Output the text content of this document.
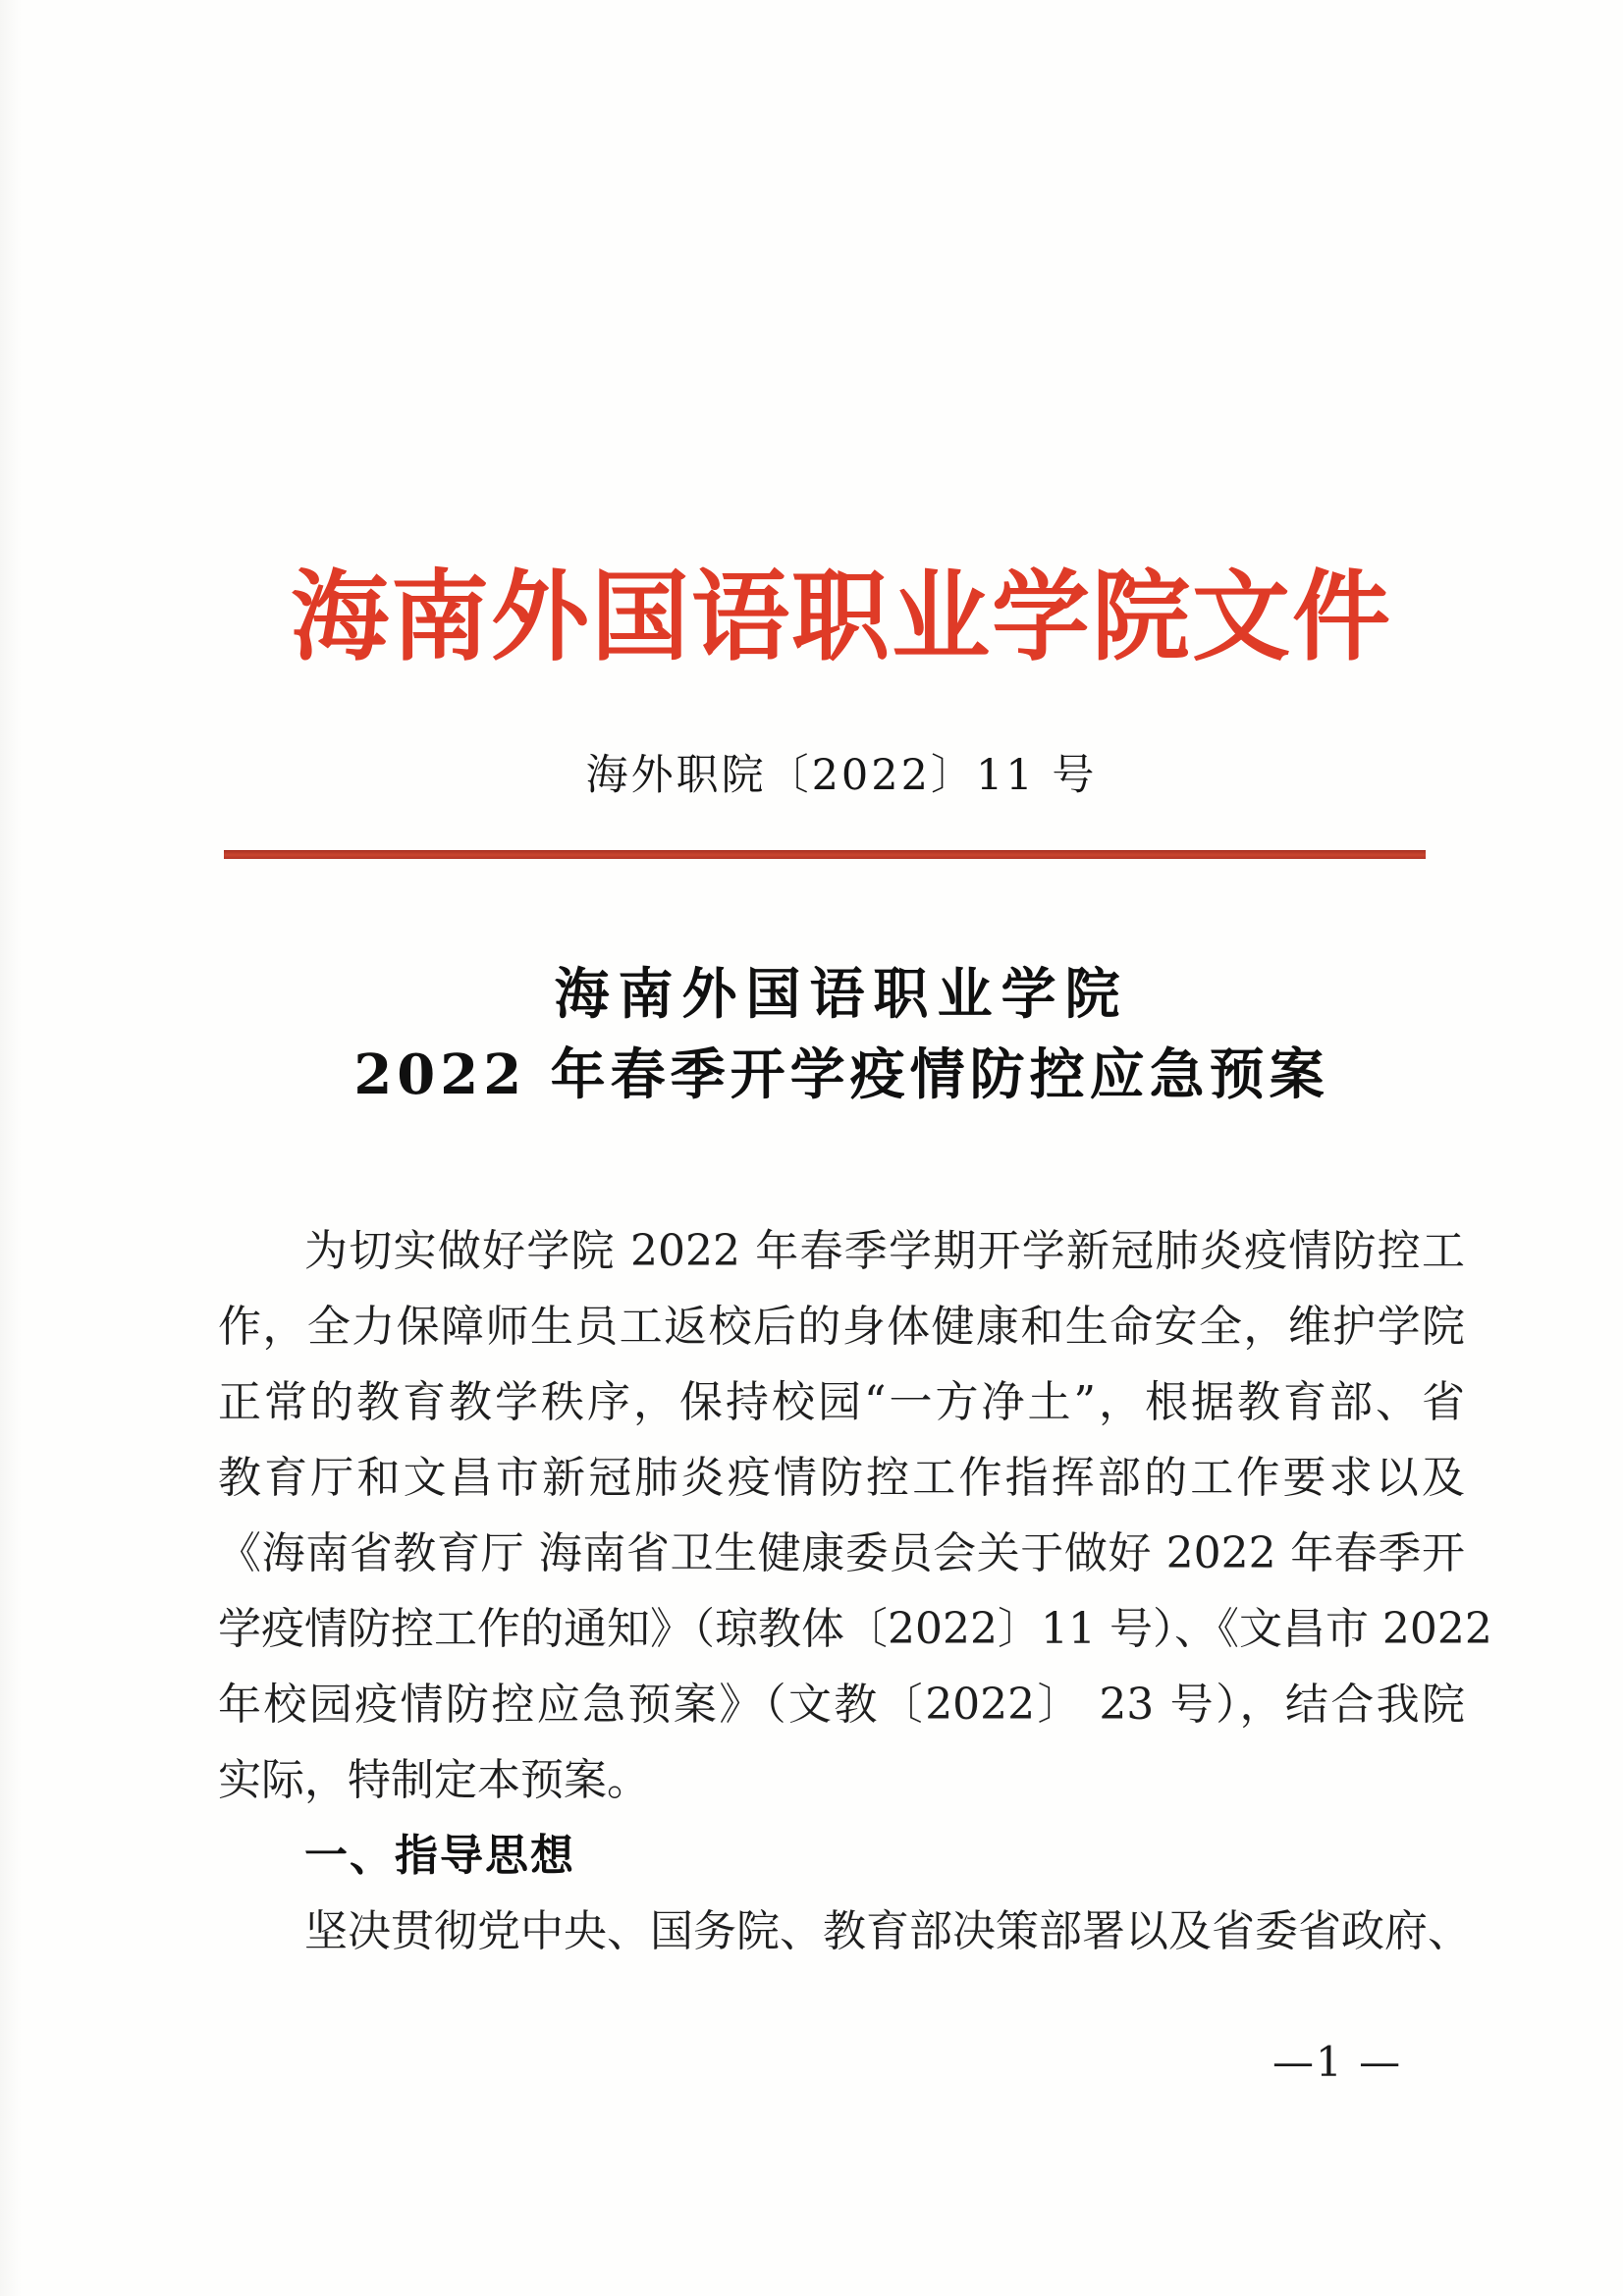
海南外国语职业学院文件
海外职院〔2022〕11 号
海南外国语职业学院
2022 年春季开学疫情防控应急预案
为切实做好学院 2022 年春季学期开学新冠肺炎疫情防控工
作，全力保障师生员工返校后的身体健康和生命安全，维护学院
正常的教育教学秩序，保持校园“一方净土”，根据教育部、省
教育厅和文昌市新冠肺炎疫情防控工作指挥部的工作要求以及
《海南省教育厅 海南省卫生健康委员会关于做好 2022 年春季开
学疫情防控工作的通知》（琼教体〔2022〕11 号）、《文昌市 2022
年校园疫情防控应急预案》（文教〔2022〕 23 号），结合我院
实际，特制定本预案。
一、指导思想
坚决贯彻党中央、国务院、教育部决策部署以及省委省政府、
—1 —
